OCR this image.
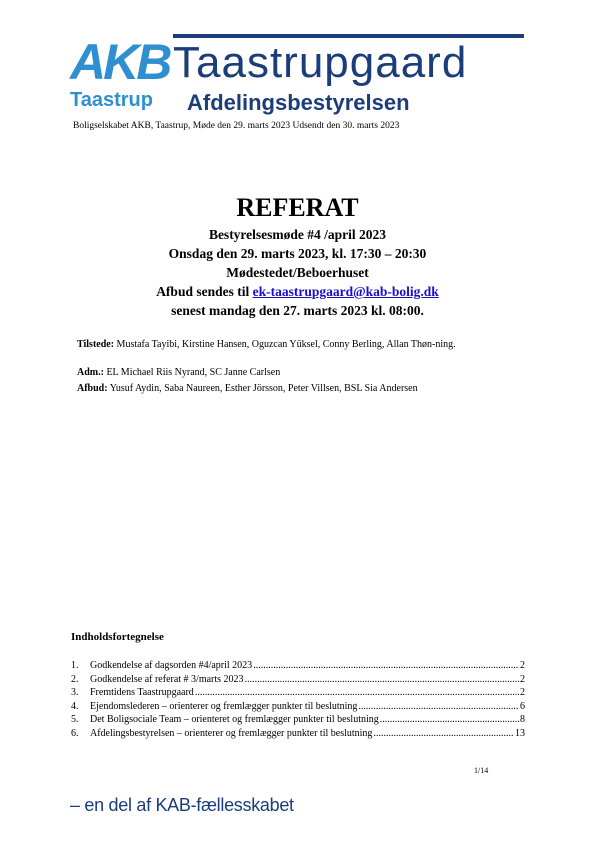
AKB
Taastrup
Taastrupgaard
Afdelingsbestyrelsen
Boligselskabet AKB, Taastrup, Møde den 29. marts 2023 Udsendt den 30. marts 2023
REFERAT
Bestyrelsesmøde #4 /april 2023
Onsdag den 29. marts 2023, kl. 17:30 – 20:30
Mødestedet/Beboerhuset
Afbud sendes til ek-taastrupgaard@kab-bolig.dk
senest mandag den 27. marts 2023 kl. 08:00.
Tilstede: Mustafa Tayibi, Kirstine Hansen, Oguzcan Yüksel, Conny Berling, Allan Thøn-ning.
Adm.: EL Michael Riis Nyrand, SC Janne Carlsen
Afbud: Yusuf Aydin, Saba Naureen, Esther Jörsson, Peter Villsen, BSL Sia Andersen
Indholdsfortegnelse
1.	Godkendelse af dagsorden #4/april 2023 .....	2
2.	Godkendelse af referat # 3/marts 2023 .....	2
3.	Fremtidens Taastrupgaard .....	2
4.	Ejendomslederen – orienterer og fremlægger punkter til beslutning .....	6
5.	Det Boligsociale Team – orienteret og fremlægger punkter til beslutning .....	8
6.	Afdelingsbestyrelsen – orienterer og fremlægger punkter til beslutning .....	13
1/14
– en del af KAB-fællesskabet
